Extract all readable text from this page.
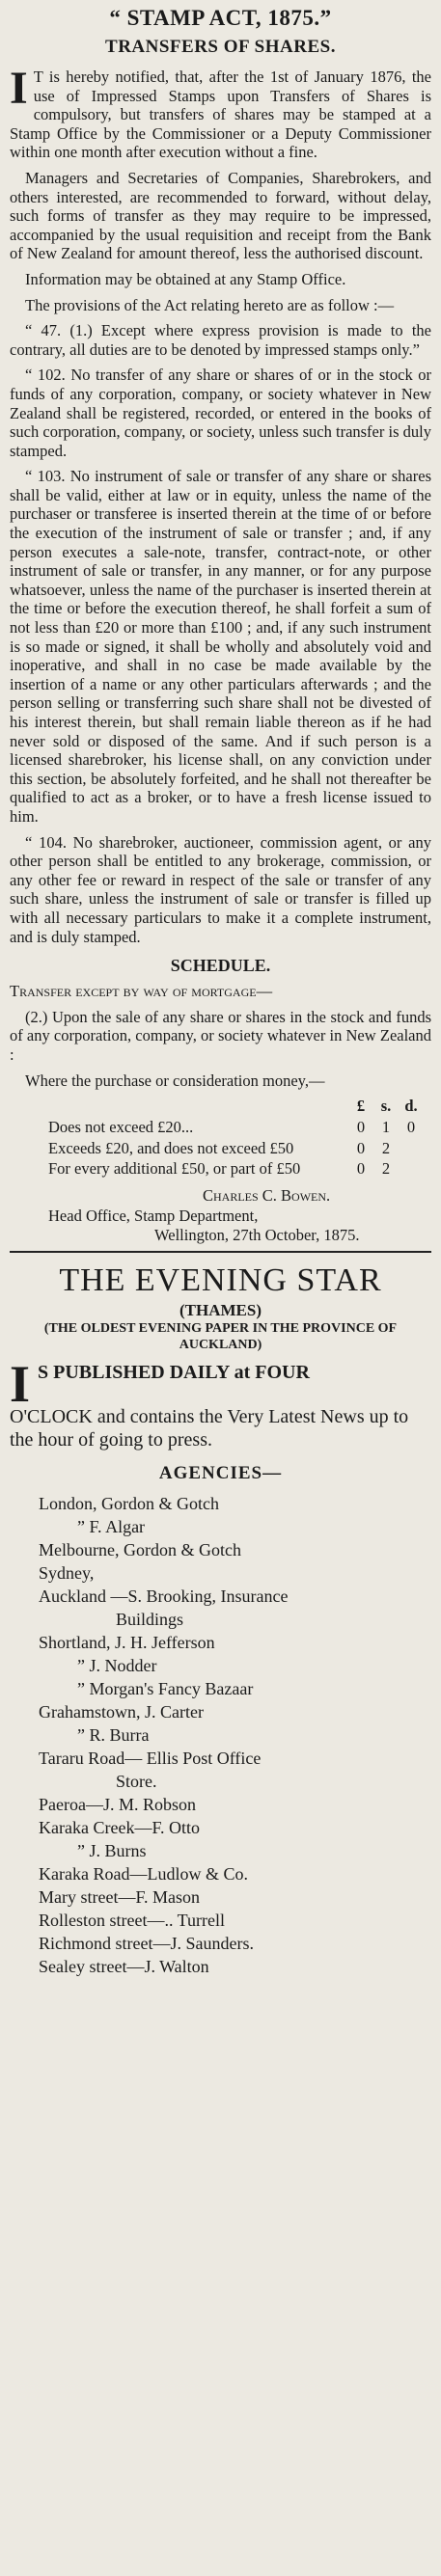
“ STAMP ACT, 1875.”
TRANSFERS OF SHARES.

I T is hereby notified, that, after the 1st of January 1876, the use of Impressed Stamps upon Transfers of Shares is compulsory, but transfers of shares may be stamped at a Stamp Office by the Commissioner or a Deputy Commissioner within one month after execution without a fine.

Managers and Secretaries of Companies, Sharebrokers, and others interested, are recommended to forward, without delay, such forms of transfer as they may require to be impressed, accompanied by the usual requisition and receipt from the Bank of New Zealand for amount thereof, less the authorised discount.

Information may be obtained at any Stamp Office.

The provisions of the Act relating hereto are as follow :—

“ 47. (1.) Except where express provision is made to the contrary, all duties are to be denoted by impressed stamps only.”

“ 102. No transfer of any share or shares of or in the stock or funds of any corporation, company, or society whatever in New Zealand shall be registered, recorded, or entered in the books of such corporation, company, or society, unless such transfer is duly stamped.

“ 103. No instrument of sale or transfer of any share or shares shall be valid, either at law or in equity, unless the name of the purchaser or transferee is inserted therein at the time of or before the execution of the instrument of sale or transfer ; and, if any person executes a sale-note, transfer, contract-note, or other instrument of sale or transfer, in any manner, or for any purpose whatsoever, unless the name of the purchaser is inserted therein at the time or before the execution thereof, he shall forfeit a sum of not less than £20 or more than £100 ; and, if any such instrument is so made or signed, it shall be wholly and absolutely void and inoperative, and shall in no case be made available by the insertion of a name or any other particulars afterwards ; and the person selling or transferring such share shall not be divested of his interest therein, but shall remain liable thereon as if he had never sold or disposed of the same. And if such person is a licensed sharebroker, his license shall, on any conviction under this section, be absolutely forfeited, and he shall not thereafter be qualified to act as a broker, or to have a fresh license issued to him.

“ 104. No sharebroker, auctioneer, commission agent, or any other person shall be entitled to any brokerage, commission, or any other fee or reward in respect of the sale or transfer of any such share, unless the instrument of sale or transfer is filled up with all necessary particulars to make it a complete instrument, and is duly stamped.

SCHEDULE.

Transfer except by way of mortgage—

(2.) Upon the sale of any share or shares in the stock and funds of any corporation, company, or society whatever in New Zealand :

Where the purchase or consideration money,—

£	s. d.
Does not exceed £20...	0	1	0
Exceeds £20, and does not exceed £50	0	2
For every additional £50, or part of £50	0	2
Charles C. Bowen.
Head Office, Stamp Department,
Wellington, 27th October, 1875.
THE EVENING STAR
(THAMES)
(THE OLDEST EVENING PAPER IN THE PROVINCE OF AUCKLAND)
I S PUBLISHED DAILY at FOUR
O'CLOCK and contains the Very Latest News up to the hour of going to press.
AGENCIES—
London, Gordon & Gotch
” F. Algar
Melbourne, Gordon & Gotch
Sydney,
Auckland —S. Brooking, Insurance
Buildings
Shortland, J. H. Jefferson
” J. Nodder
” Morgan's Fancy Bazaar
Grahamstown, J. Carter
” R. Burra
Tararu Road— Ellis Post Office
Store.
Paeroa—J. M. Robson
Karaka Creek—F. Otto
” J. Burns
Karaka Road—Ludlow & Co.
Mary street—F. Mason
Rolleston street—.. Turrell
Richmond street—J. Saunders.
Sealey street—J. Walton
